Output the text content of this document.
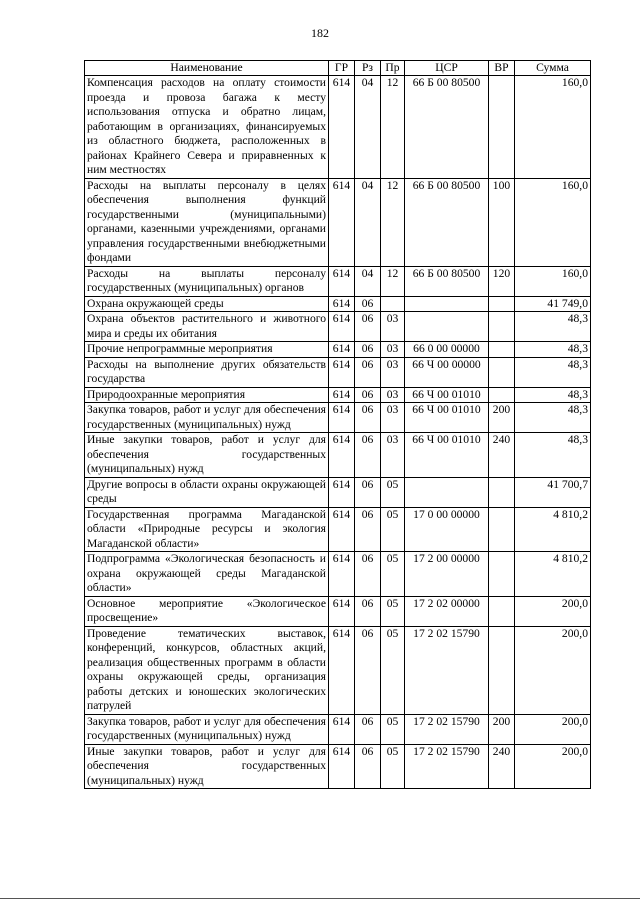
182
Наименование	ГР	Рз	Пр	ЦСР	ВР	Сумма
Компенсация расходов на оплату стоимости проезда и провоза багажа к месту использования отпуска и обратно лицам, работающим в организациях, финансируемых из областного бюджета, расположенных в районах Крайнего Севера и приравненных к ним местностях	614	04	12	66 Б 00 80500		160,0
Расходы на выплаты персоналу в целях обеспечения выполнения функций государственными (муниципальными) органами, казенными учреждениями, органами управления государственными внебюджетными фондами	614	04	12	66 Б 00 80500	100	160,0
Расходы на выплаты персоналу государственных (муниципальных) органов	614	04	12	66 Б 00 80500	120	160,0
Охрана окружающей среды	614	06				41 749,0
Охрана объектов растительного и животного мира и среды их обитания	614	06	03			48,3
Прочие непрограммные мероприятия	614	06	03	66 0 00 00000		48,3
Расходы на выполнение других обязательств государства	614	06	03	66 Ч 00 00000		48,3
Природоохранные мероприятия	614	06	03	66 Ч 00 01010		48,3
Закупка товаров, работ и услуг для обеспечения государственных (муниципальных) нужд	614	06	03	66 Ч 00 01010	200	48,3
Иные закупки товаров, работ и услуг для обеспечения государственных (муниципальных) нужд	614	06	03	66 Ч 00 01010	240	48,3
Другие вопросы в области охраны окружающей среды	614	06	05			41 700,7
Государственная программа Магаданской области «Природные ресурсы и экология Магаданской области»	614	06	05	17 0 00 00000		4 810,2
Подпрограмма «Экологическая безопасность и охрана окружающей среды Магаданской области»	614	06	05	17 2 00 00000		4 810,2
Основное мероприятие «Экологическое просвещение»	614	06	05	17 2 02 00000		200,0
Проведение тематических выставок, конференций, конкурсов, областных акций, реализация общественных программ в области охраны окружающей среды, организация работы детских и юношеских экологических патрулей	614	06	05	17 2 02 15790		200,0
Закупка товаров, работ и услуг для обеспечения государственных (муниципальных) нужд	614	06	05	17 2 02 15790	200	200,0
Иные закупки товаров, работ и услуг для обеспечения государственных (муниципальных) нужд	614	06	05	17 2 02 15790	240	200,0
